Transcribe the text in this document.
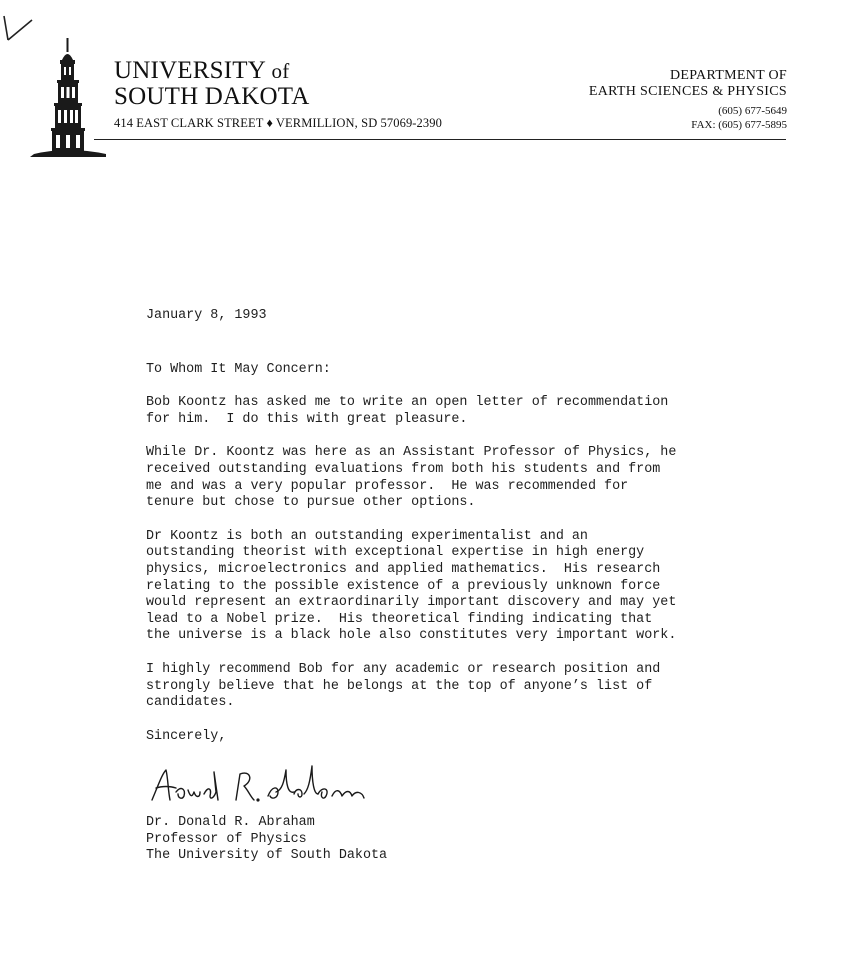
UNIVERSITY of
SOUTH DAKOTA
414 EAST CLARK STREET ♦ VERMILLION, SD 57069-2390
DEPARTMENT OF
EARTH SCIENCES & PHYSICS
(605) 677-5649
FAX: (605) 677-5895

January 8, 1993

To Whom It May Concern:

Bob Koontz has asked me to write an open letter of recommendation

for him.  I do this with great pleasure.

While Dr. Koontz was here as an Assistant Professor of Physics, he

received outstanding evaluations from both his students and from

me and was a very popular professor.  He was recommended for

tenure but chose to pursue other options.

Dr Koontz is both an outstanding experimentalist and an

outstanding theorist with exceptional expertise in high energy

physics, microelectronics and applied mathematics.  His research

relating to the possible existence of a previously unknown force

would represent an extraordinarily important discovery and may yet

lead to a Nobel prize.  His theoretical finding indicating that

the universe is a black hole also constitutes very important work.

I highly recommend Bob for any academic or research position and

strongly believe that he belongs at the top of anyone’s list of

candidates.

Sincerely,

Dr. Donald R. Abraham
Professor of Physics
The University of South Dakota
